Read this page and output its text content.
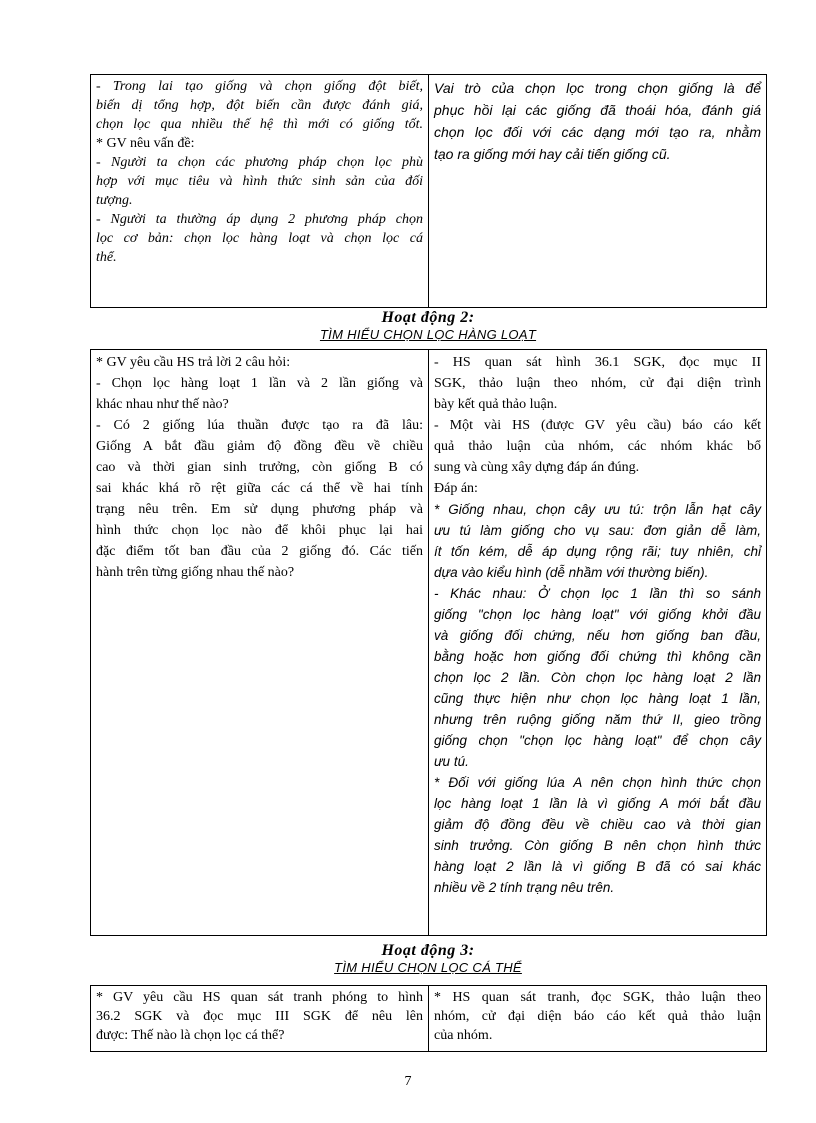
- Trong lai tạo giống và chọn giống đột biết,
biến dị tổng hợp, đột biến cần được đánh giá,
chọn lọc qua nhiều thế hệ thì mới có giống tốt.
* GV nêu vấn đề:
- Người ta chọn các phương pháp chọn lọc phù
hợp với mục tiêu và hình thức sinh sản của đối
tượng.
- Người ta thường áp dụng 2 phương pháp chọn
lọc cơ bản: chọn lọc hàng loạt và chọn lọc cá
thể.

Vai trò của chọn lọc trong chọn giống là để
phục hồi lại các giống đã thoái hóa, đánh giá
chọn lọc đối với các dạng mới tạo ra, nhằm
tạo ra giống mới hay cải tiến giống cũ.
Hoạt động 2:
TÌM HIỂU CHỌN LỌC HÀNG LOẠT
* GV yêu cầu HS trả lời 2 câu hỏi:
- Chọn lọc hàng loạt 1 lần và 2 lần giống và
khác nhau như thế nào?
- Có 2 giống lúa thuần được tạo ra đã lâu:
Giống A bắt đầu giảm độ đồng đều về chiều
cao và thời gian sinh trưởng, còn giống B có
sai khác khá rõ rệt giữa các cá thể về hai tính
trạng nêu trên. Em sử dụng phương pháp và
hình thức chọn lọc nào để khôi phục lại hai
đặc điểm tốt ban đầu của 2 giống đó. Các tiến
hành trên từng giống nhau thế nào?

- HS quan sát hình 36.1 SGK, đọc mục II
SGK, thảo luận theo nhóm, cử đại diện trình
bày kết quả thảo luận.
- Một vài HS (được GV yêu cầu) báo cáo kết
quả thảo luận của nhóm, các nhóm khác bổ
sung và cùng xây dựng đáp án đúng.
Đáp án:
* Giống nhau, chọn cây ưu tú: trộn lẫn hạt cây
ưu tú làm giống cho vụ sau: đơn giản dễ làm,
ít tốn kém, dễ áp dụng rộng rãi; tuy nhiên, chỉ
dựa vào kiểu hình (dễ nhầm với thường biến).
- Khác nhau: Ở chọn lọc 1 lần thì so sánh
giống "chọn lọc hàng loạt" với giống khởi đầu
và giống đối chứng, nếu hơn giống ban đầu,
bằng hoặc hơn giống đối chứng thì không cần
chọn lọc 2 lần. Còn chọn lọc hàng loạt 2 lần
cũng thực hiện như chọn lọc hàng loạt 1 lần,
nhưng trên ruộng giống năm thứ II, gieo trồng
giống chọn "chọn lọc hàng loạt" để chọn cây
ưu tú.
* Đối với giống lúa A nên chọn hình thức chọn
lọc hàng loạt 1 lần là vì giống A mới bắt đầu
giảm độ đồng đều về chiều cao và thời gian
sinh trưởng. Còn giống B nên chọn hình thức
hàng loạt 2 lần là vì giống B đã có sai khác
nhiều về 2 tính trạng nêu trên.
Hoạt động 3:
TÌM HIỂU CHỌN LỌC CÁ THỂ
* GV yêu cầu HS quan sát tranh phóng to hình
36.2 SGK và đọc mục III SGK để nêu lên
được: Thế nào là chọn lọc cá thể?

* HS quan sát tranh, đọc SGK, thảo luận theo
nhóm, cử đại diện báo cáo kết quả thảo luận
của nhóm.
7
